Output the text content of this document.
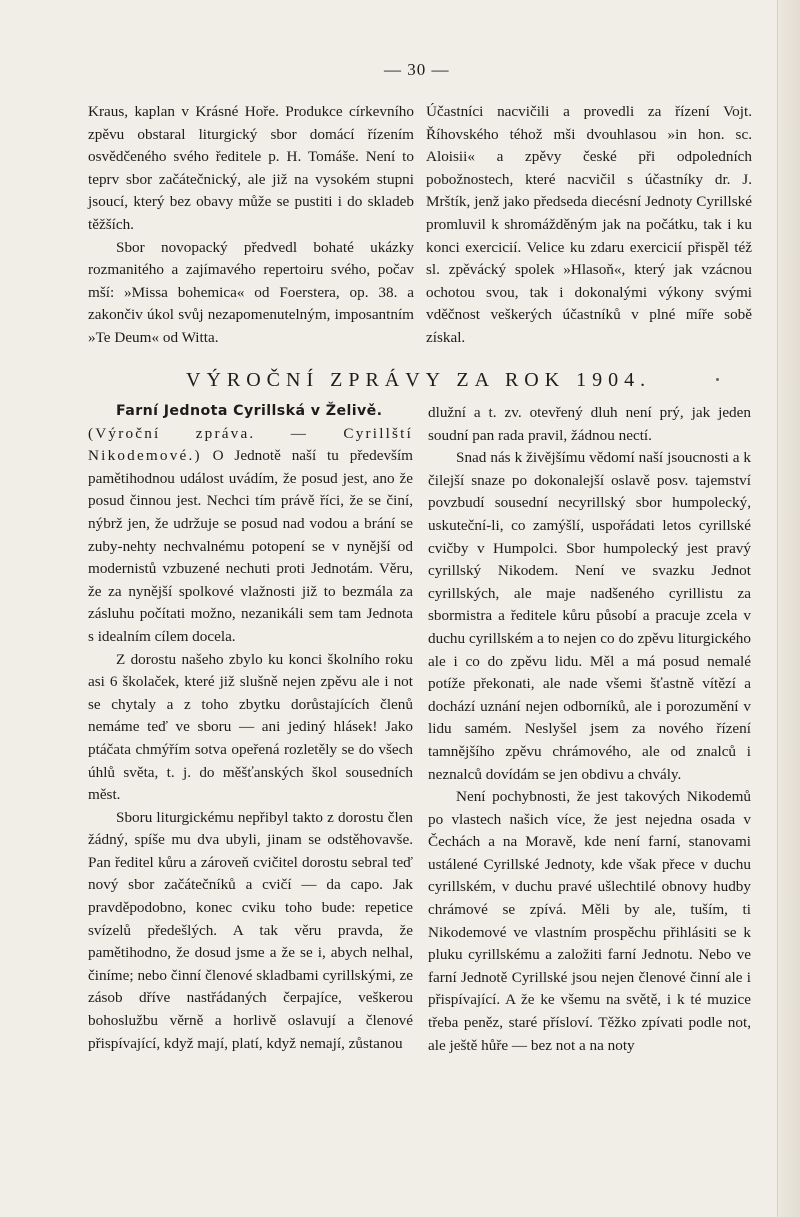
— 30 —

Kraus, kaplan v Krásné Hoře. Produkce církevního zpěvu obstaral liturgický sbor domácí řízením osvědčeného svého ředitele p. H. Tomáše. Není to teprv sbor začátečnický, ale již na vysokém stupni jsoucí, který bez obavy může se pustiti i do skladeb těžších.

Sbor novopacký předvedl bohaté ukázky rozmanitého a zajímavého repertoiru svého, počav mší: »Missa bohemica« od Foerstera, op. 38. a zakončiv úkol svůj nezapomenutelným, imposantním »Te Deum« od Witta.

Účastníci nacvičili a provedli za řízení Vojt. Říhovského téhož mši dvouhlasou »in hon. sc. Aloisii« a zpěvy české při odpoledních pobožnostech, které nacvičil s účastníky dr. J. Mrštík, jenž jako předseda diecésní Jednoty Cyrillské promluvil k shromážděným jak na počátku, tak i ku konci exercicií. Velice ku zdaru exercicií přispěl též sl. zpěvácký spolek »Hlasoň«, který jak vzácnou ochotou svou, tak i dokonalými výkony svými vděčnost veškerých účastníků v plné míře sobě získal.

VÝROČNÍ ZPRÁVY ZA ROK 1904.

Farní Jednota Cyrillská v Želivě.
(Výroční zpráva. — Cyrillští Nikodemové.) O Jednotě naší tu především pamětihodnou událost uvádím, že posud jest, ano že posud činnou jest. Nechci tím právě říci, že se činí, nýbrž jen, že udržuje se posud nad vodou a brání se zuby-nehty nechvalnému potopení se v nynější od modernistů vzbuzené nechuti proti Jednotám. Věru, že za nynější spolkové vlažnosti již to bezmála za zásluhu počítati možno, nezanikáli sem tam Jednota s idealním cílem docela.

Z dorostu našeho zbylo ku konci školního roku asi 6 školaček, které již slušně nejen zpěvu ale i not se chytaly a z toho zbytku dorůstajících členů nemáme teď ve sboru — ani jediný hlásek! Jako ptáčata chmýřím sotva opeřená rozletěly se do všech úhlů světa, t. j. do měšťanských škol sousedních měst.

Sboru liturgickému nepřibyl takto z dorostu člen žádný, spíše mu dva ubyli, jinam se odstěhovavše. Pan ředitel kůru a zároveň cvičitel dorostu sebral teď nový sbor začátečníků a cvičí — da capo. Jak pravděpodobno, konec cviku toho bude: repetice svízelů předešlých. A tak věru pravda, že pamětihodno, že dosud jsme a že se i, abych nelhal, činíme; nebo činní členové skladbami cyrillskými, ze zásob dříve nastřádaných čerpajíce, veškerou bohoslužbu věrně a horlivě oslavují a členové přispívající, když mají, platí, když nemají, zůstanou

dlužní a t. zv. otevřený dluh není prý, jak jeden soudní pan rada pravil, žádnou nectí.

Snad nás k živějšímu vědomí naší jsoucnosti a k čilejší snaze po dokonalejší oslavě posv. tajemství povzbudí sousední necyrillský sbor humpolecký, uskuteční-li, co zamýšlí, uspořádati letos cyrillské cvičby v Humpolci. Sbor humpolecký jest pravý cyrillský Nikodem. Není ve svazku Jednot cyrillských, ale maje nadšeného cyrillistu za sbormistra a ředitele kůru působí a pracuje zcela v duchu cyrillském a to nejen co do zpěvu liturgického ale i co do zpěvu lidu. Měl a má posud nemalé potíže překonati, ale nade všemi šťastně vítězí a dochází uznání nejen odborníků, ale i porozumění v lidu samém. Neslyšel jsem za nového řízení tamnějšího zpěvu chrámového, ale od znalců i neznalců dovídám se jen obdivu a chvály.

Není pochybnosti, že jest takových Nikodemů po vlastech našich více, že jest nejedna osada v Čechách a na Moravě, kde není farní, stanovami ustálené Cyrillské Jednoty, kde však přece v duchu cyrillském, v duchu pravé ušlechtilé obnovy hudby chrámové se zpívá. Měli by ale, tuším, ti Nikodemové ve vlastním prospěchu přihlásiti se k pluku cyrillskému a založiti farní Jednotu. Nebo ve farní Jednotě Cyrillské jsou nejen členové činní ale i přispívající. A že ke všemu na světě, i k té muzice třeba peněz, staré přísloví. Těžko zpívati podle not, ale ještě hůře — bez not a na noty
